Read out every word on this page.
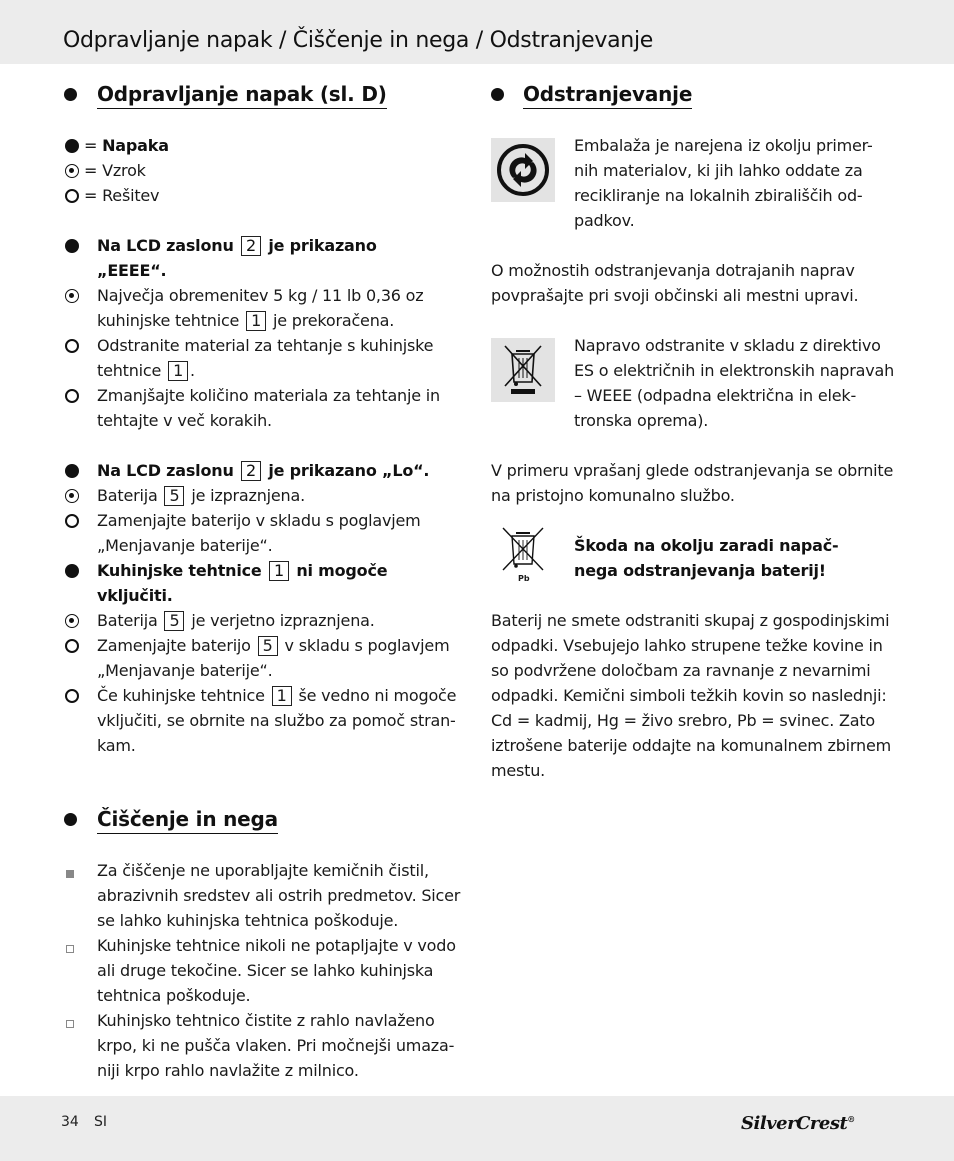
Odpravljanje napak / Čiščenje in nega / Odstranjevanje
Odpravljanje napak (sl. D)

= Napaka

= Vzrok

= Rešitev

Na LCD zaslonu 2 je prikazano
„EEEE“.

Največja obremenitev 5 kg / 11 lb 0,36 oz
kuhinjske tehtnice 1 je prekoračena.

Odstranite material za tehtanje s kuhinjske
tehtnice 1 .

Zmanjšajte količino materiala za tehtanje in
tehtajte v več korakih.

Na LCD zaslonu 2 je prikazano „Lo“.

Baterija 5 je izpraznjena.

Zamenjajte baterijo v skladu s poglavjem
„Menjavanje baterije“.

Kuhinjske tehtnice 1 ni mogoče
vključiti.

Baterija 5 je verjetno izpraznjena.

Zamenjajte baterijo 5 v skladu s poglavjem
„Menjavanje baterije“.

Če kuhinjske tehtnice 1 še vedno ni mogoče
vključiti, se obrnite na službo za pomoč stran-
kam.

Čiščenje in nega

Za čiščenje ne uporabljajte kemičnih čistil,
abrazivnih sredstev ali ostrih predmetov. Sicer
se lahko kuhinjska tehtnica poškoduje.

Kuhinjske tehtnice nikoli ne potapljajte v vodo
ali druge tekočine. Sicer se lahko kuhinjska
tehtnica poškoduje.

Kuhinjsko tehtnico čistite z rahlo navlaženo
krpo, ki ne pušča vlaken. Pri močnejši umaza-
niji krpo rahlo navlažite z milnico.

Odstranjevanje

Embalaža je narejena iz okolju primer-
nih materialov, ki jih lahko oddate za
recikliranje na lokalnih zbirališčih od-
padkov.

O možnostih odstranjevanja dotrajanih naprav
povprašajte pri svoji občinski ali mestni upravi.

Napravo odstranite v skladu z direktivo
ES o električnih in elektronskih napravah
– WEEE (odpadna električna in elek-
tronska oprema).

V primeru vprašanj glede odstranjevanja se obrnite
na pristojno komunalno službo.

Pb

Škoda na okolju zaradi napač-
nega odstranjevanja baterij!

Baterij ne smete odstraniti skupaj z gospodinjskimi
odpadki. Vsebujejo lahko strupene težke kovine in
so podvržene določbam za ravnanje z nevarnimi
odpadki. Kemični simboli težkih kovin so naslednji:
Cd = kadmij, Hg = živo srebro, Pb = svinec. Zato
iztrošene baterije oddajte na komunalnem zbirnem
mestu.

34 SI	SilverCrest®
